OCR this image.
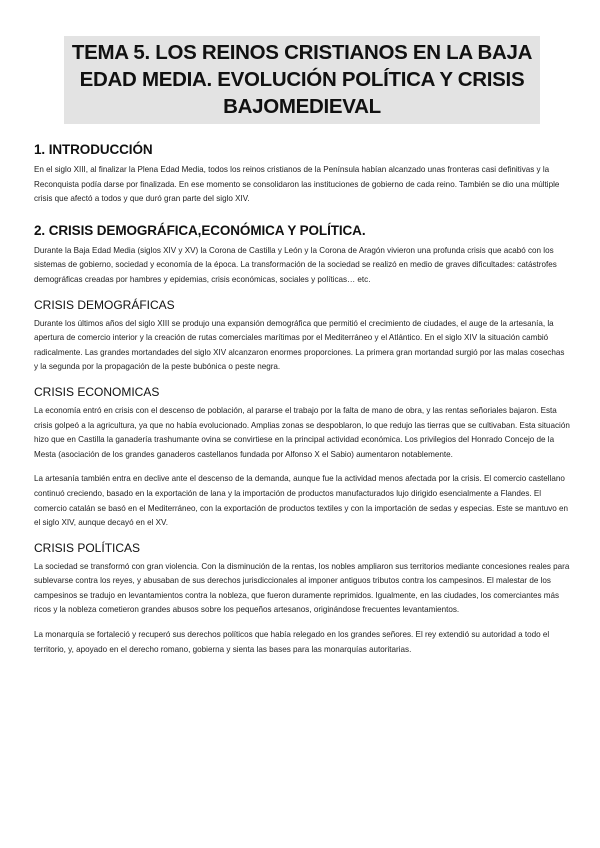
TEMA 5. LOS REINOS CRISTIANOS EN LA BAJA EDAD MEDIA. EVOLUCIÓN POLÍTICA Y CRISIS BAJOMEDIEVAL
1. INTRODUCCIÓN

En el siglo XIII, al finalizar la Plena Edad Media, todos los reinos cristianos de la Península habían alcanzado unas fronteras casi definitivas y la Reconquista podía darse por finalizada. En ese momento se consolidaron las instituciones de gobierno de cada reino. También se dio una múltiple crisis que afectó a todos y que duró gran parte del siglo XIV.

2. CRISIS DEMOGRÁFICA,ECONÓMICA Y POLÍTICA.

Durante la Baja Edad Media (siglos XIV y XV) la Corona de Castilla y León y la Corona de Aragón vivieron una profunda crisis que acabó con los sistemas de gobierno, sociedad y economía de la época. La transformación de la sociedad se realizó en medio de graves dificultades: catástrofes demográficas creadas por hambres y epidemias, crisis económicas, sociales y políticas… etc.

CRISIS DEMOGRÁFICAS

Durante los últimos años del siglo XIII se produjo una expansión demográfica que permitió el crecimiento de ciudades, el auge de la artesanía, la apertura de comercio interior y la creación de rutas comerciales marítimas por el Mediterráneo y el Atlántico. En el siglo XIV la situación cambió radicalmente. Las grandes mortandades del siglo XIV alcanzaron enormes proporciones. La primera gran mortandad surgió por las malas cosechas y la segunda por la propagación de la peste bubónica o peste negra.

CRISIS ECONOMICAS

La economía entró en crisis con el descenso de población, al pararse el trabajo por la falta de mano de obra, y las rentas señoriales bajaron. Esta crisis golpeó a la agricultura, ya que no había evolucionado. Amplias zonas se despoblaron, lo que redujo las tierras que se cultivaban. Esta situación hizo que en Castilla la ganadería trashumante ovina se convirtiese en la principal actividad económica. Los privilegios del Honrado Concejo de la Mesta (asociación de los grandes ganaderos castellanos fundada por Alfonso X el Sabio) aumentaron notablemente.

La artesanía también entra en declive ante el descenso de la demanda, aunque fue la actividad menos afectada por la crisis. El comercio castellano continuó creciendo, basado en la exportación de lana y la importación de productos manufacturados lujo dirigido esencialmente a Flandes. El comercio catalán se basó en el Mediterráneo, con la exportación de productos textiles y con la importación de sedas y especias. Este se mantuvo en el siglo XIV, aunque decayó en el XV.

CRISIS POLÍTICAS

La sociedad se transformó con gran violencia. Con la disminución de la rentas, los nobles ampliaron sus territorios mediante concesiones reales para sublevarse contra los reyes, y abusaban de sus derechos jurisdiccionales al imponer antiguos tributos contra los campesinos. El malestar de los campesinos se tradujo en levantamientos contra la nobleza, que fueron duramente reprimidos. Igualmente, en las ciudades, los comerciantes más ricos y la nobleza cometieron grandes abusos sobre los pequeños artesanos, originándose frecuentes levantamientos.

La monarquía se fortaleció y recuperó sus derechos políticos que había relegado en los grandes señores. El rey extendió su autoridad a todo el territorio, y, apoyado en el derecho romano, gobierna y sienta las bases para las monarquías autoritarias.
